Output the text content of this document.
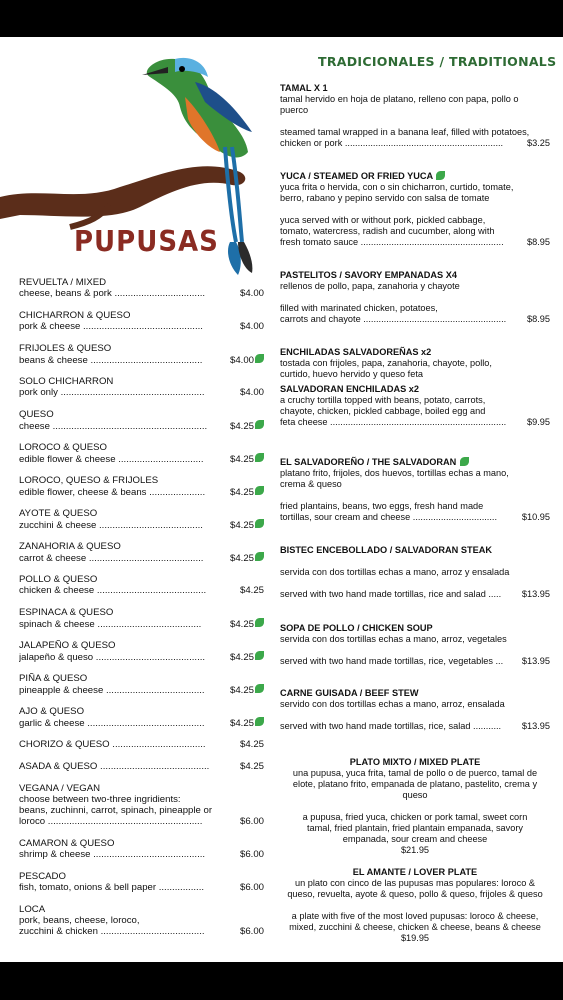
PUPUSAS
REVUELTA / MIXED
cheese, beans & pork ..................................	$4.00
CHICHARRON & QUESO
pork & cheese .............................................	$4.00
FRIJOLES & QUESO
beans & cheese ..........................................	$4.00
SOLO CHICHARRON
pork only ......................................................	$4.00
QUESO
cheese ..........................................................	$4.25
LOROCO & QUESO
edible flower & cheese ................................	$4.25
LOROCO, QUESO & FRIJOLES
edible flower, cheese & beans .....................	$4.25
AYOTE & QUESO
zucchini & cheese .......................................	$4.25
ZANAHORIA & QUESO
carrot & cheese ...........................................	$4.25
POLLO & QUESO
chicken & cheese .........................................	$4.25
ESPINACA & QUESO
spinach & cheese .......................................	$4.25
JALAPEÑO & QUESO
jalapeño & queso .........................................	$4.25
PIÑA & QUESO
pineapple & cheese .....................................	$4.25
AJO & QUESO
garlic & cheese ............................................	$4.25
CHORIZO & QUESO ...................................	$4.25
ASADA & QUESO .........................................	$4.25
VEGANA / VEGAN
choose between two-three ingridients:
beans, zuchinni, carrot, spinach, pineapple or
loroco ..........................................................	$6.00
CAMARON & QUESO
shrimp & cheese ..........................................	$6.00
PESCADO
fish, tomato, onions & bell paper .................	$6.00
LOCA
pork, beans, cheese, loroco,
zucchini & chicken .......................................	$6.00
TRADICIONALES / TRADITIONALS
TAMAL X 1
tamal hervido en hoja de platano, relleno con papa, pollo o
puerco
steamed tamal wrapped in a banana leaf, filled with potatoes,
chicken or pork ..............................................................	$3.25
YUCA / STEAMED OR FRIED YUCA
yuca frita o hervida, con o sin chicharron, curtido, tomate,
berro, rabano y pepino servido con salsa de tomate
yuca served with or without pork, pickled cabbage,
tomato, watercress, radish and cucumber, along with
fresh tomato sauce ........................................................	$8.95
PASTELITOS / SAVORY EMPANADAS X4
rellenos de pollo, papa, zanahoria y chayote
filled with marinated chicken, potatoes,
carrots and chayote ........................................................	$8.95
ENCHILADAS SALVADOREÑAS x2
tostada con frijoles, papa, zanahoria, chayote, pollo,
curtido, huevo hervido y queso feta
SALVADORAN ENCHILADAS x2
a cruchy tortilla topped with beans, potato, carrots,
chayote, chicken, pickled cabbage, boiled egg and
feta cheese .....................................................................	$9.95
EL SALVADOREÑO / THE SALVADORAN
platano frito, frijoles, dos huevos, tortillas echas a mano,
crema & queso
fried plantains, beans, two eggs, fresh hand made
tortillas, sour cream and cheese .................................	$10.95
BISTEC ENCEBOLLADO / SALVADORAN STEAK
servida con dos tortillas echas a mano, arroz y ensalada
served with two hand made tortillas, rice and salad .....	$13.95
SOPA DE POLLO / CHICKEN SOUP
servida con dos tortillas echas a mano, arroz, vegetales
served with two hand made tortillas, rice, vegetables ...	$13.95
CARNE GUISADA / BEEF STEW
servido con dos tortillas echas a mano, arroz, ensalada
served with two hand made tortillas, rice, salad ...........	$13.95
PLATO MIXTO / MIXED PLATE
una pupusa, yuca frita, tamal de pollo o de puerco, tamal de
elote, platano frito, empanada de platano, pastelito, crema y
queso
a pupusa, fried yuca, chicken or pork tamal, sweet corn
tamal, fried plantain, fried plantain empanada, savory
empanada, sour cream and cheese
$21.95
EL AMANTE / LOVER PLATE
un plato con cinco de las pupusas mas populares: loroco &
queso, revuelta, ayote & queso, pollo & queso, frijoles & queso
a plate with five of the most loved pupusas: loroco & cheese,
mixed, zucchini & cheese, chicken & cheese, beans & cheese
$19.95
